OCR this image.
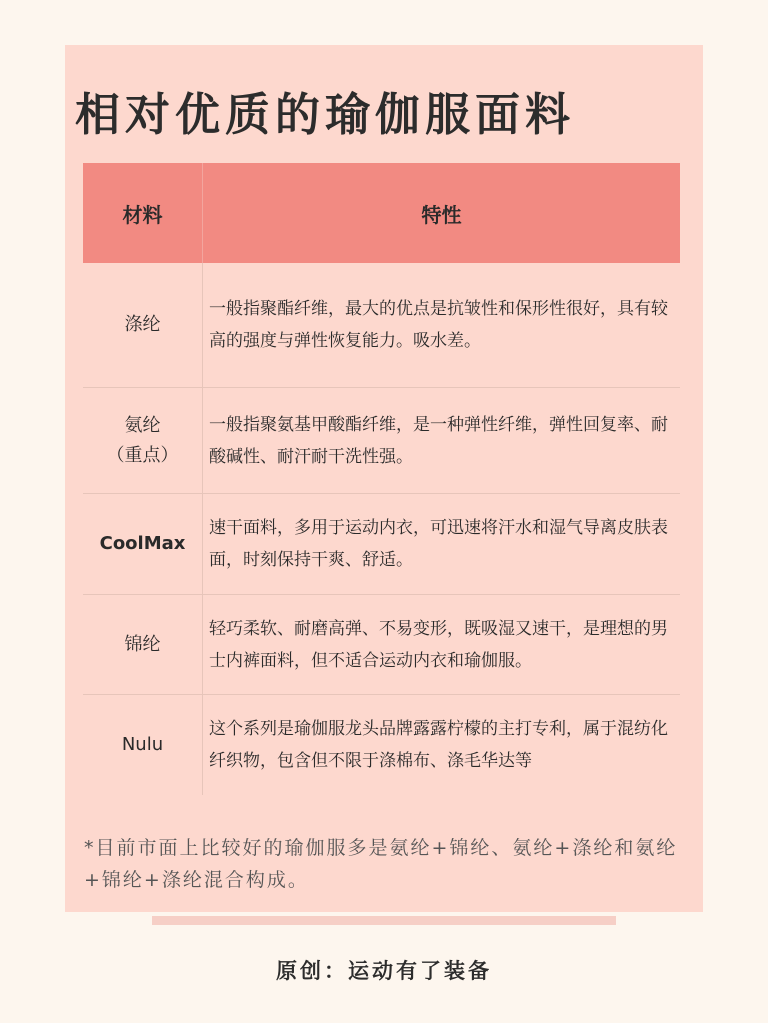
相对优质的瑜伽服面料
材料	特性
涤纶
一般指聚酯纤维，最大的优点是抗皱性和保形性很好，具有较高的强度与弹性恢复能力。吸水差。
氨纶
（重点）
一般指聚氨基甲酸酯纤维，是一种弹性纤维，弹性回复率、耐酸碱性、耐汗耐干洗性强。
CoolMax
速干面料，多用于运动内衣，可迅速将汗水和湿气导离皮肤表面，时刻保持干爽、舒适。
锦纶
轻巧柔软、耐磨高弹、不易变形，既吸湿又速干，是理想的男士内裤面料，但不适合运动内衣和瑜伽服。
Nulu
这个系列是瑜伽服龙头品牌露露柠檬的主打专利，属于混纺化纤织物，包含但不限于涤棉布、涤毛华达等
*目前市面上比较好的瑜伽服多是氨纶+锦纶、氨纶+涤纶和氨纶+锦纶+涤纶混合构成。
原创：运动有了装备
